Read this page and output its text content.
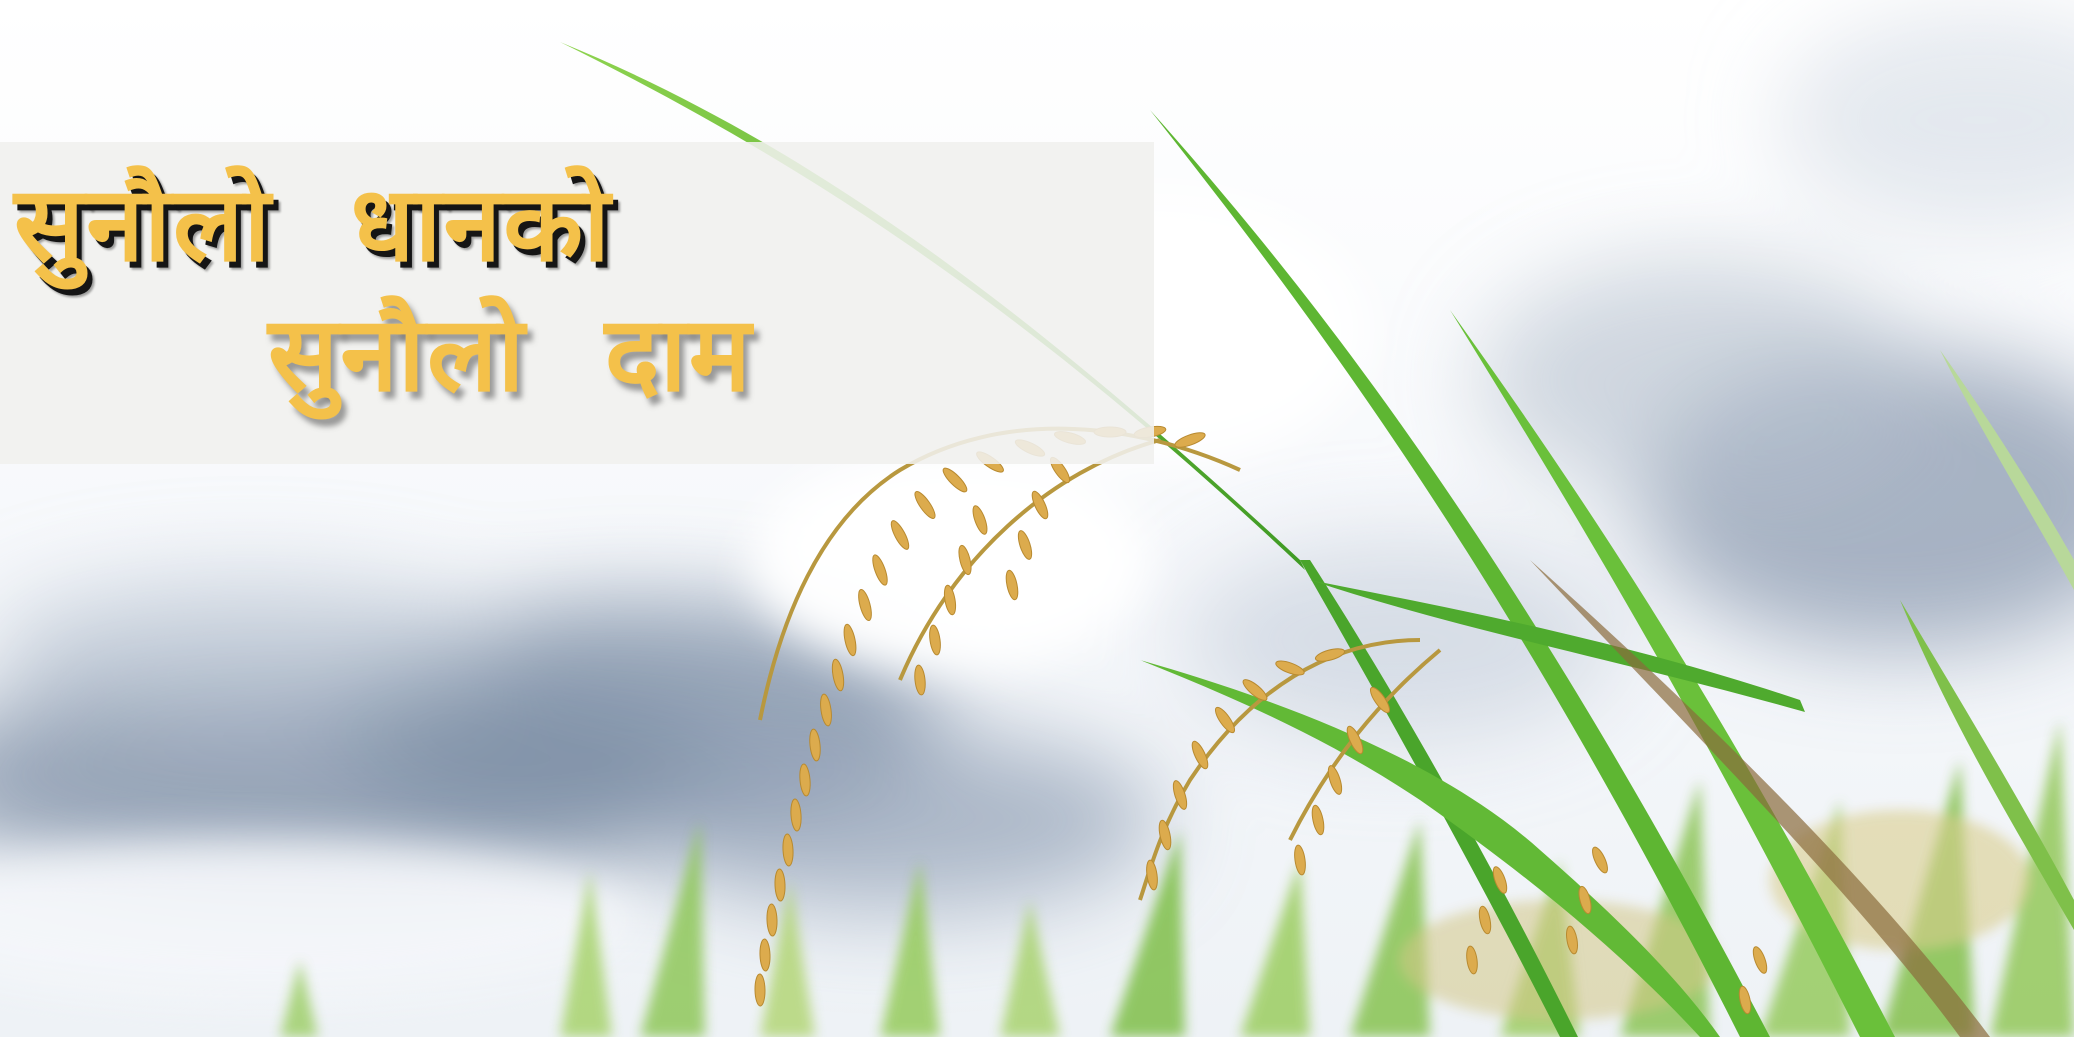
सुनौलो धानको
सुनौलो दाम
